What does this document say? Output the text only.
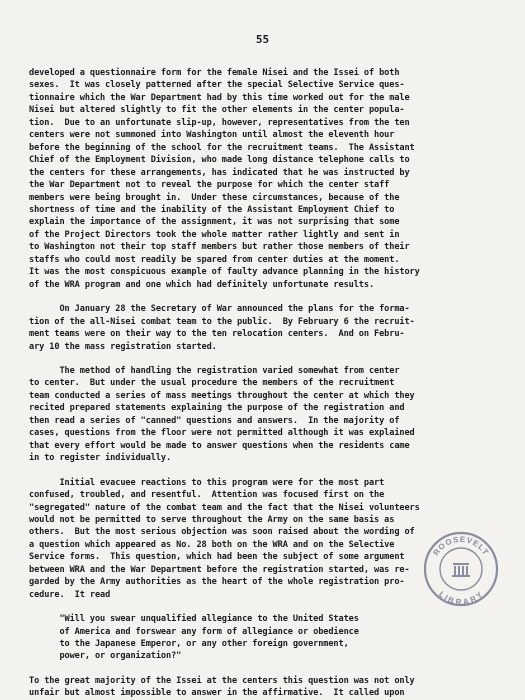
55
developed a questionnaire form for the female Nisei and the Issei of both
sexes.  It was closely patterned after the special Selective Service ques-
tionnaire which the War Department had by this time worked out for the male
Nisei but altered slightly to fit the other elements in the center popula-
tion.  Due to an unfortunate slip-up, however, representatives from the ten
centers were not summoned into Washington until almost the eleventh hour
before the beginning of the school for the recruitment teams.  The Assistant
Chief of the Employment Division, who made long distance telephone calls to
the centers for these arrangements, has indicated that he was instructed by
the War Department not to reveal the purpose for which the center staff
members were being brought in.  Under these circumstances, because of the
shortness of time and the inability of the Assistant Employment Chief to
explain the importance of the assignment, it was not surprising that some
of the Project Directors took the whole matter rather lightly and sent in
to Washington not their top staff members but rather those members of their
staffs who could most readily be spared from center duties at the moment.
It was the most conspicuous example of faulty advance planning in the history
of the WRA program and one which had definitely unfortunate results.
On January 28 the Secretary of War announced the plans for the forma-
tion of the all-Nisei combat team to the public.  By February 6 the recruit-
ment teams were on their way to the ten relocation centers.  And on Febru-
ary 10 the mass registration started.
The method of handling the registration varied somewhat from center
to center.  But under the usual procedure the members of the recruitment
team conducted a series of mass meetings throughout the center at which they
recited prepared statements explaining the purpose of the registration and
then read a series of "canned" questions and answers.  In the majority of
cases, questions from the floor were not permitted although it was explained
that every effort would be made to answer questions when the residents came
in to register individually.
Initial evacuee reactions to this program were for the most part
confused, troubled, and resentful.  Attention was focused first on the
"segregated" nature of the combat team and the fact that the Nisei volunteers
would not be permitted to serve throughout the Army on the same basis as
others.  But the most serious objection was soon raised about the wording of
a question which appeared as No. 28 both on the WRA and on the Selective
Service forms.  This question, which had been the subject of some argument
between WRA and the War Department before the registration started, was re-
garded by the Army authorities as the heart of the whole registration pro-
cedure.  It read
"Will you swear unqualified allegiance to the United States
of America and forswear any form of allegiance or obedience
to the Japanese Emperor, or any other foreign government,
power, or organization?"
To the great majority of the Issei at the centers this question was not only
unfair but almost impossible to answer in the affirmative.  It called upon
ROOSEVELT
LIBRARY
